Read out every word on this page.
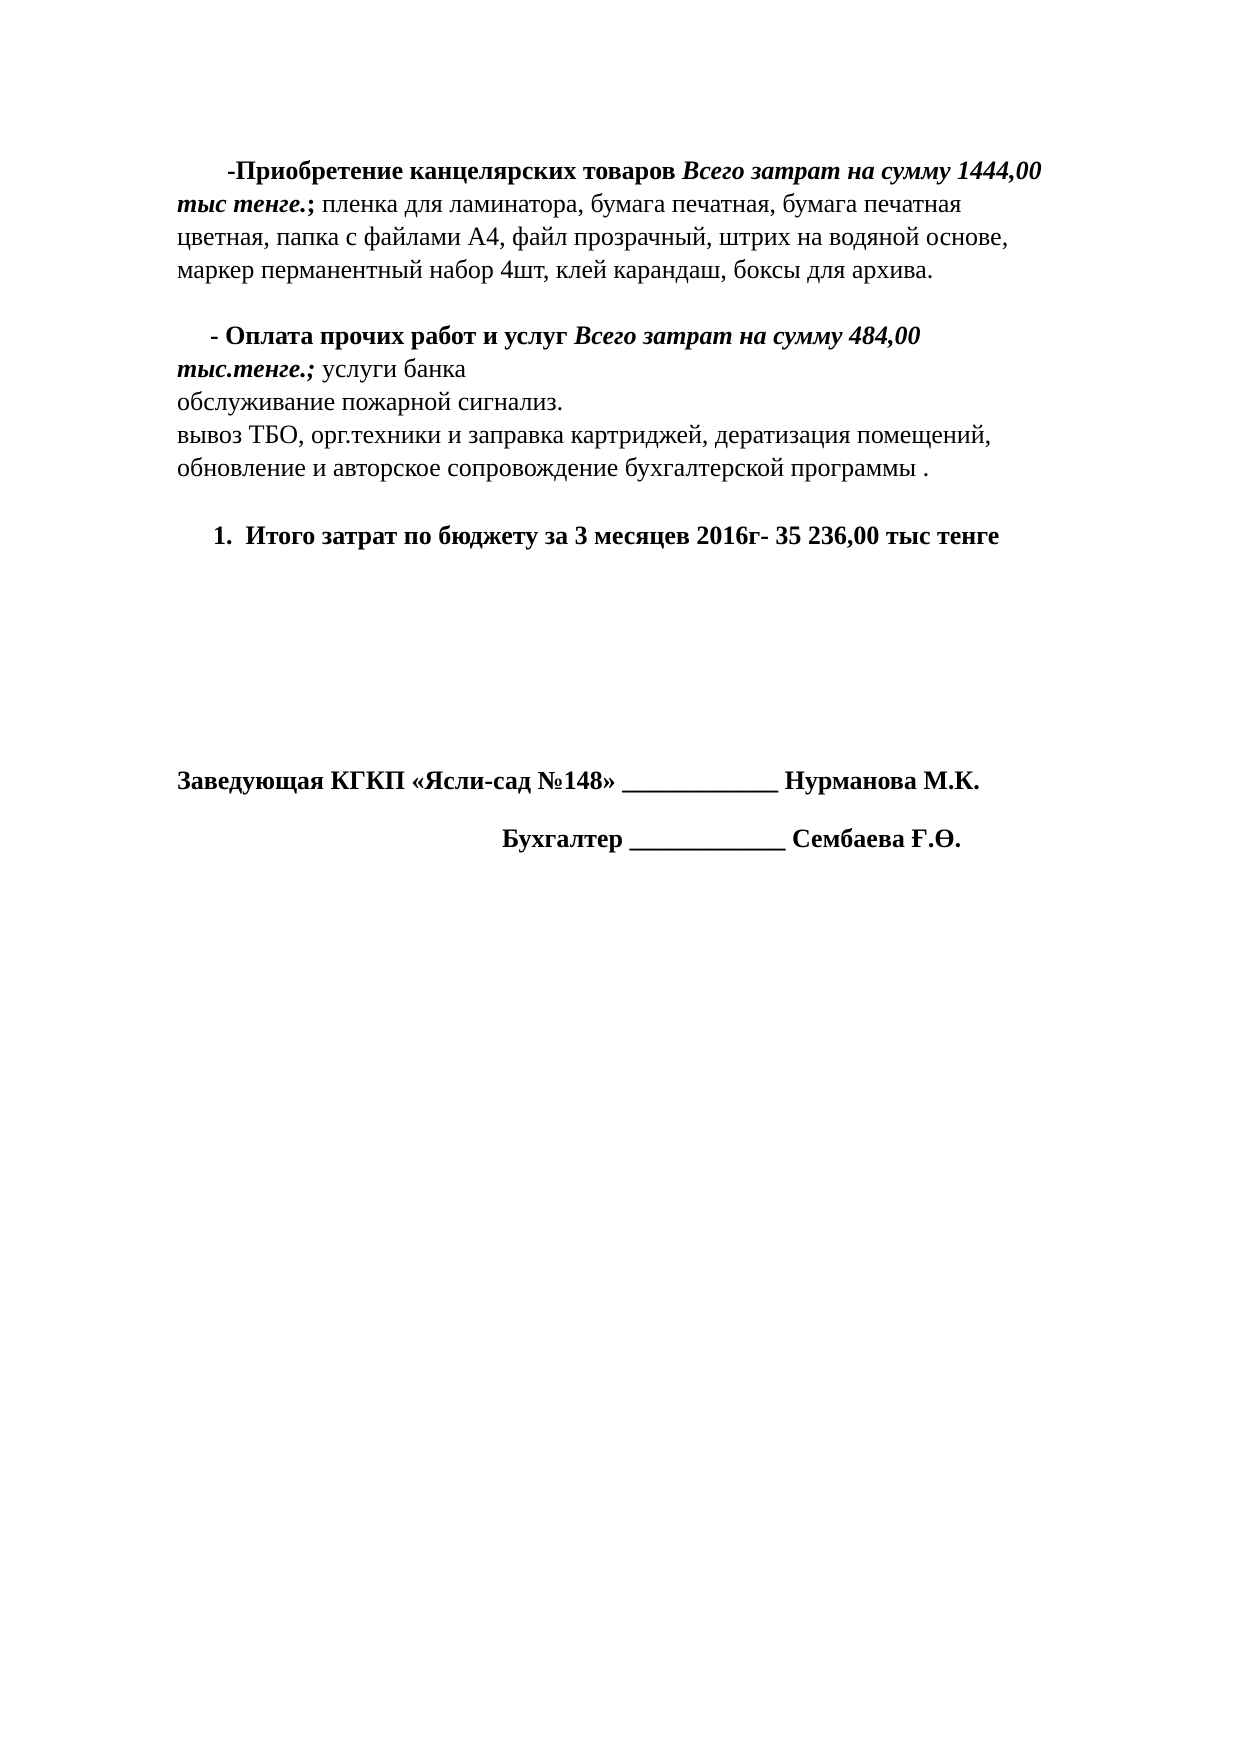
-Приобретение канцелярских товаров Всего затрат на сумму 1444,00
тыс тенге.; пленка для ламинатора, бумага печатная, бумага печатная
цветная, папка с файлами А4, файл прозрачный, штрих на водяной основе,
маркер перманентный набор 4шт, клей карандаш, боксы для архива.
- Оплата прочих работ и услуг Всего затрат на сумму 484,00
тыс.тенге.; услуги банка
обслуживание пожарной сигнализ.
вывоз ТБО, орг.техники и заправка картриджей, дератизация помещений,
обновление и авторское сопровождение бухгалтерской программы .
1. Итого затрат по бюджету за 3 месяцев 2016г- 35 236,00 тыс тенге
Заведующая КГКП «Ясли-сад №148» ____________ Нурманова М.К.
Бухгалтер ____________ Сембаева Ғ.Ө.
